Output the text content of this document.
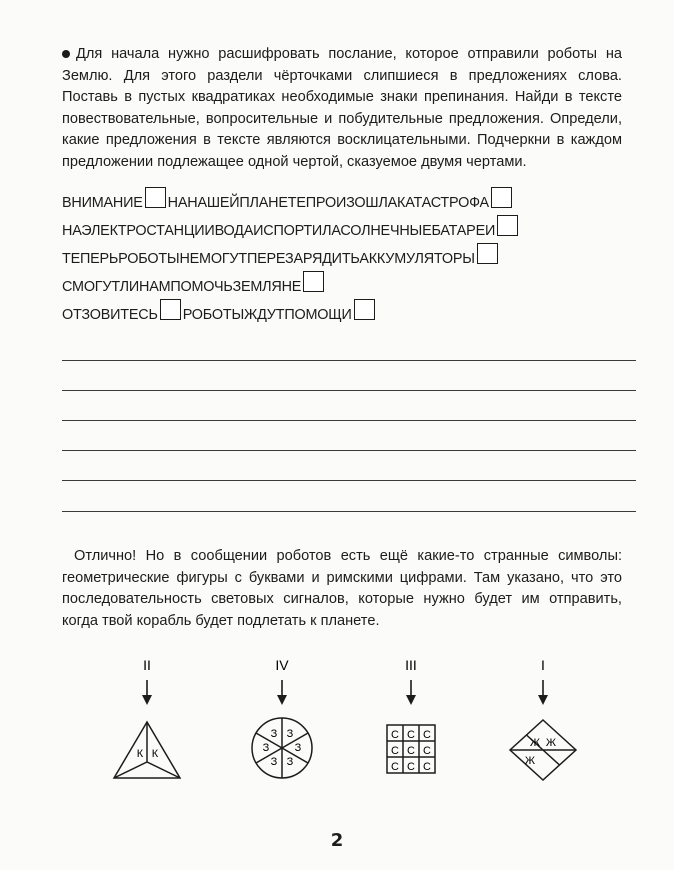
Для начала нужно расшифровать послание, которое отправили роботы на Землю. Для этого раздели чёрточками слипшиеся в предложениях слова. Поставь в пустых квадратиках необходимые знаки препинания. Найди в тексте повествовательные, вопросительные и побудительные предложения. Определи, какие предложения в тексте являются восклицательными. Подчеркни в каждом предложении подлежащее одной чертой, сказуемое двумя чертами.

ВНИМАНИЕ НАНАШЕЙПЛАНЕТЕПРОИЗОШЛАКАТАСТРОФА
НАЭЛЕКТРОСТАНЦИИВОДАИСПОРТИЛАСОЛНЕЧНЫЕБАТАРЕИ
ТЕПЕРЬРОБОТЫНЕМОГУТПЕРЕЗАРЯДИТЬАККУМУЛЯТОРЫ
СМОГУТЛИНАМПОМОЧЬЗЕМЛЯНЕ
ОТЗОВИТЕСЬ РОБОТЫЖДУТПОМОЩИ

Отлично! Но в сообщении роботов есть ещё какие-то странные символы: геометрические фигуры с буквами и римскими цифрами. Там указано, что это последовательность световых сигналов, которые нужно будет им отправить, когда твой корабль будет подлетать к планете.

II	IV	III	I
К К
З З
З З
З З
С С С
С С С
С С С
Ж Ж
Ж
2
